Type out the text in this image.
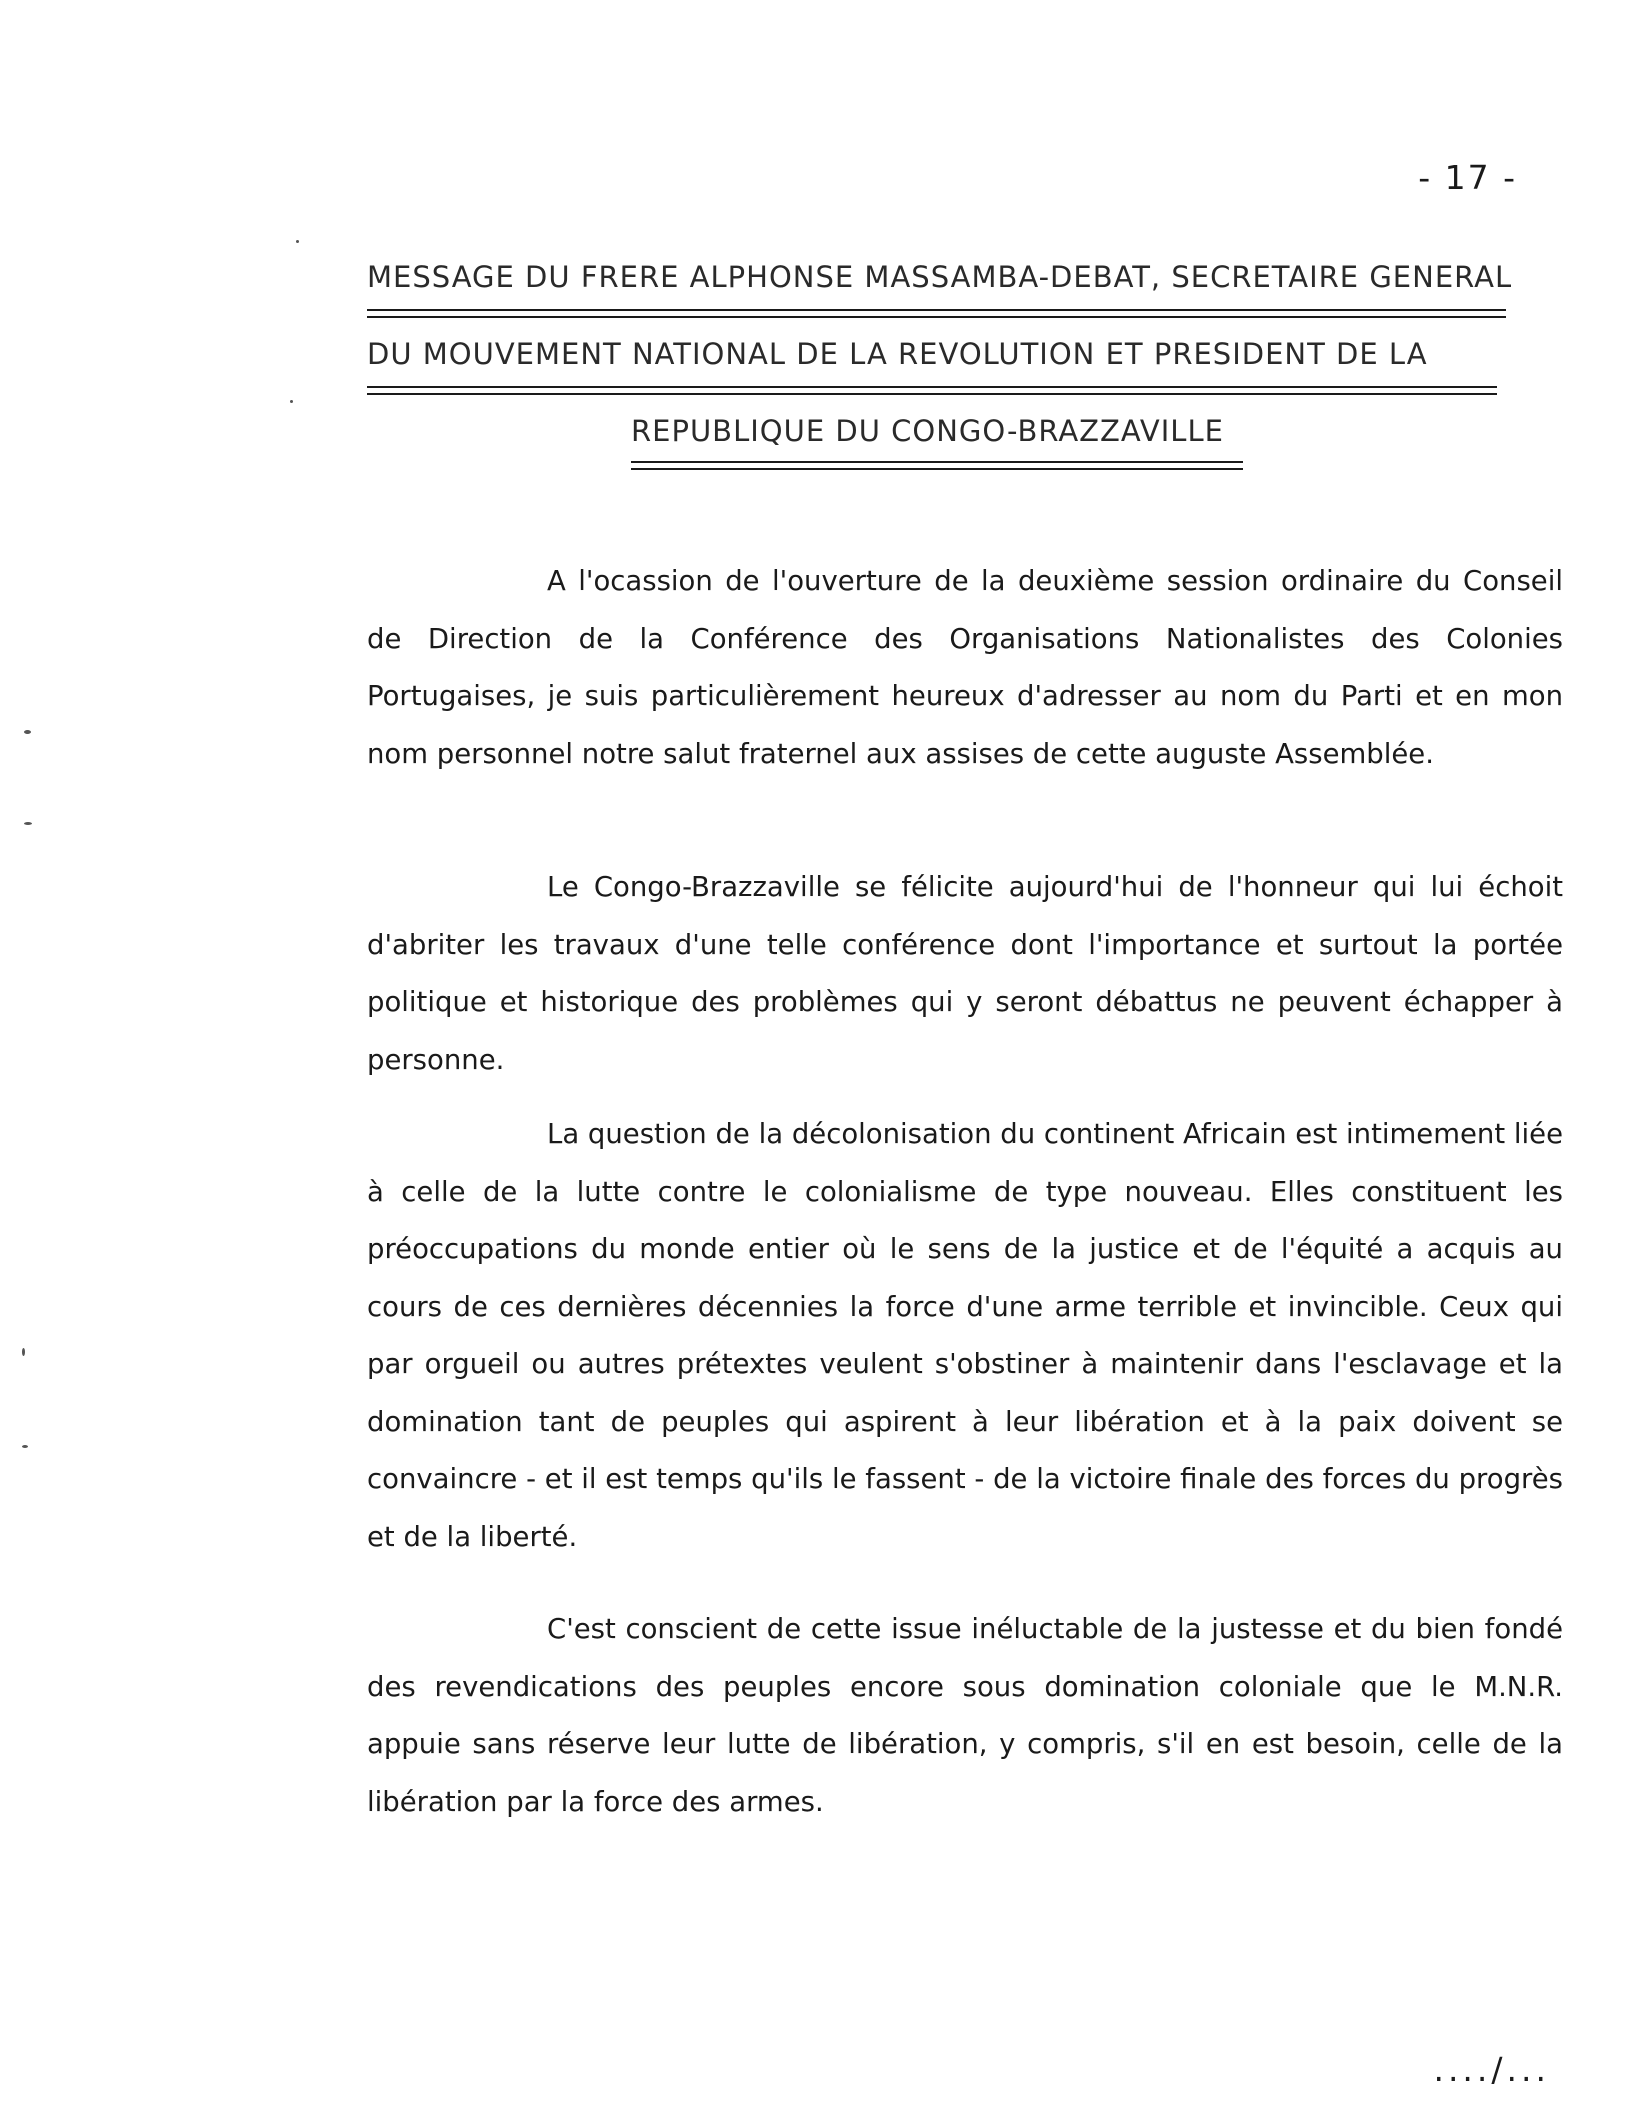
- 17 -
MESSAGE DU FRERE ALPHONSE MASSAMBA-DEBAT, SECRETAIRE GENERAL
DU MOUVEMENT NATIONAL DE LA REVOLUTION ET PRESIDENT DE LA
REPUBLIQUE DU CONGO-BRAZZAVILLE

A l'ocassion de l'ouverture de la deuxième session ordinaire du Conseil de Direction de la Conférence des Organisations Nationalistes des Colonies Portugaises, je suis particulièrement heureux d'adresser au nom du Parti et en mon nom personnel notre salut fraternel aux assises de cette auguste Assemblée.

Le Congo-Brazzaville se félicite aujourd'hui de l'honneur qui lui échoit d'abriter les travaux d'une telle conférence dont l'importance et surtout la portée politique et historique des problèmes qui y seront débattus ne peuvent échapper à personne.

La question de la décolonisation du continent Africain est intimement liée à celle de la lutte contre le colonialisme de type nouveau. Elles constituent les préoccupations du monde entier où le sens de la justice et de l'équité a acquis au cours de ces dernières décennies la force d'une arme terrible et invincible. Ceux qui par orgueil ou autres prétextes veulent s'obstiner à maintenir dans l'esclavage et la domination tant de peuples qui aspirent à leur libération et à la paix doivent se convaincre - et il est temps qu'ils le fassent - de la victoire finale des forces du progrès et de la liberté.

C'est conscient de cette issue inéluctable de la justesse et du bien fondé des revendications des peuples encore sous domination coloniale que le M.N.R. appuie sans réserve leur lutte de libération, y compris, s'il en est besoin, celle de la libération par la force des armes.

..../...
